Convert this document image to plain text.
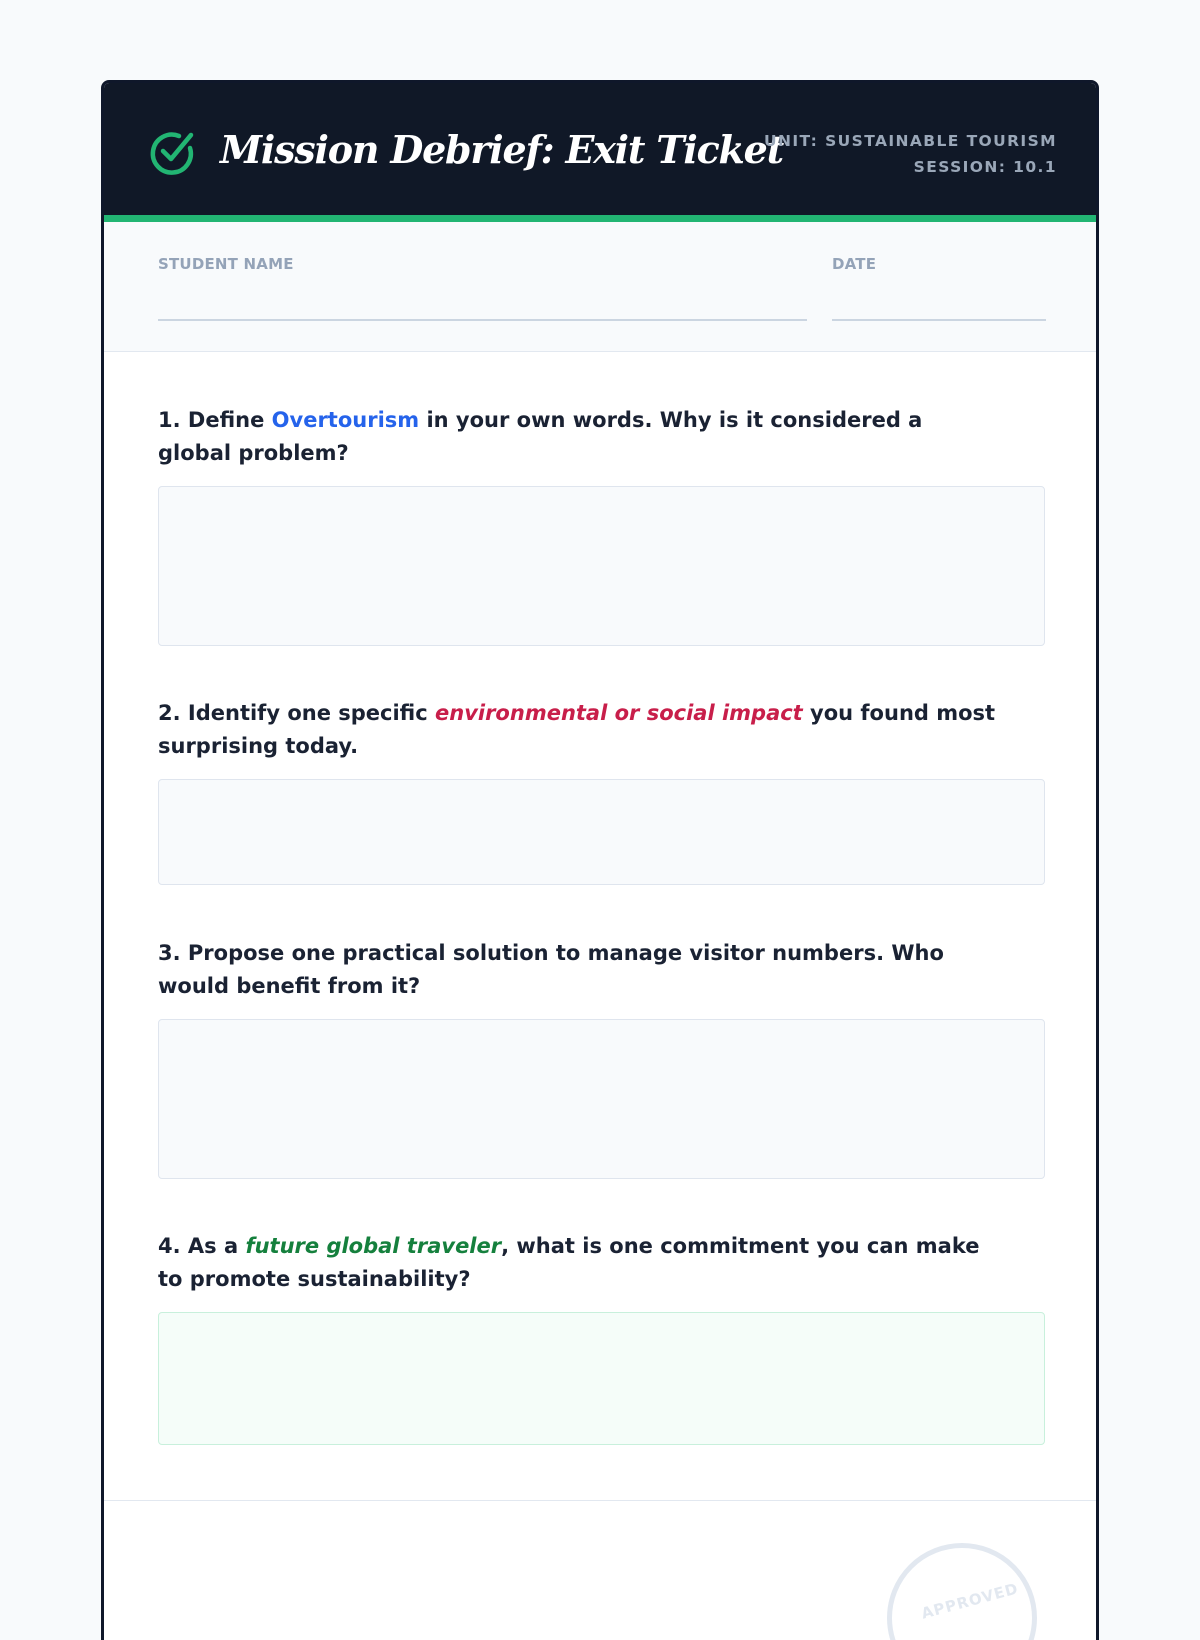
Mission Debrief: Exit Ticket
UNIT: SUSTAINABLE TOURISM
SESSION: 10.1
STUDENT NAME	DATE

1. Define Overtourism in your own words. Why is it considered a global problem?

2. Identify one specific environmental or social impact you found most surprising today.

3. Propose one practical solution to manage visitor numbers. Who would benefit from it?

4. As a future global traveler, what is one commitment you can make to promote sustainability?

APPROVED
